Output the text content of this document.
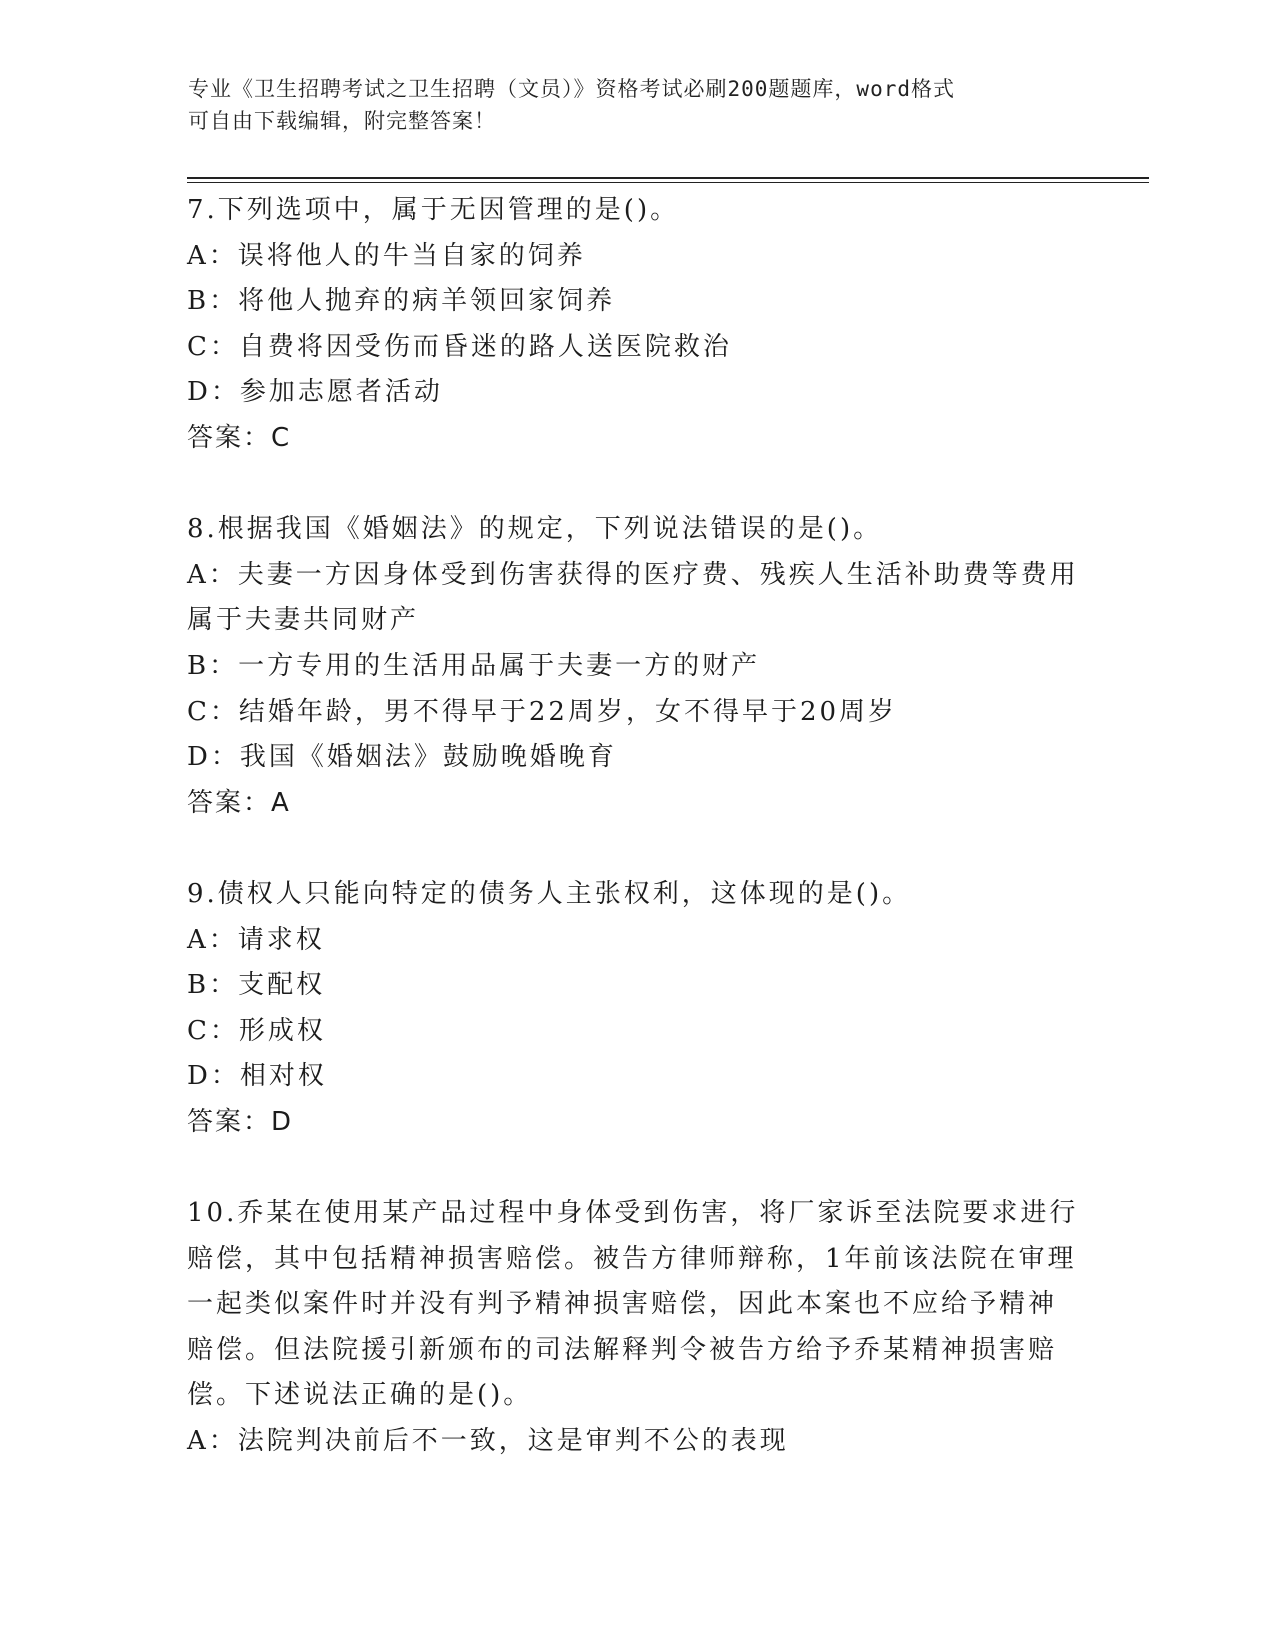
专业《卫生招聘考试之卫生招聘（文员）》资格考试必刷200题题库，word格式
可自由下载编辑，附完整答案！
7.下列选项中，属于无因管理的是()。
A：误将他人的牛当自家的饲养
B：将他人抛弃的病羊领回家饲养
C：自费将因受伤而昏迷的路人送医院救治
D：参加志愿者活动
答案：C
8.根据我国《婚姻法》的规定，下列说法错误的是()。
A：夫妻一方因身体受到伤害获得的医疗费、残疾人生活补助费等费用
属于夫妻共同财产
B：一方专用的生活用品属于夫妻一方的财产
C：结婚年龄，男不得早于22周岁，女不得早于20周岁
D：我国《婚姻法》鼓励晚婚晚育
答案：A
9.债权人只能向特定的债务人主张权利，这体现的是()。
A：请求权
B：支配权
C：形成权
D：相对权
答案：D
10.乔某在使用某产品过程中身体受到伤害，将厂家诉至法院要求进行
赔偿，其中包括精神损害赔偿。被告方律师辩称，1年前该法院在审理
一起类似案件时并没有判予精神损害赔偿，因此本案也不应给予精神
赔偿。但法院援引新颁布的司法解释判令被告方给予乔某精神损害赔
偿。下述说法正确的是()。
A：法院判决前后不一致，这是审判不公的表现
